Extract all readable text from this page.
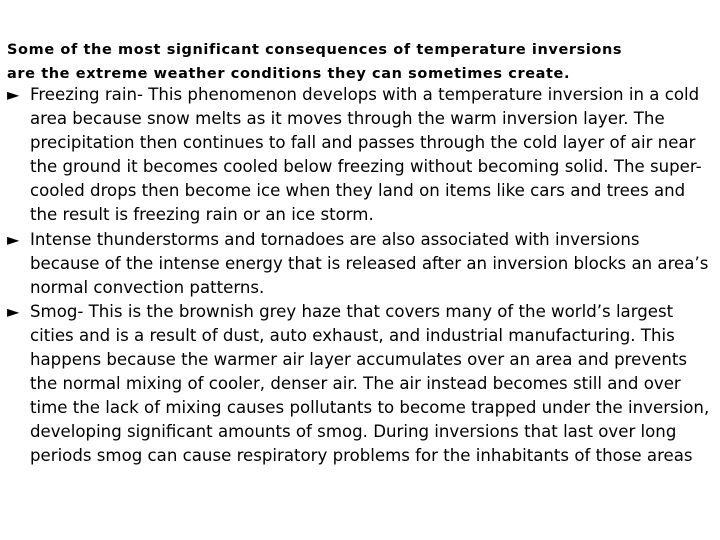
Some of the most significant consequences of temperature inversions
are the extreme weather conditions they can sometimes create.

► Freezing rain- This phenomenon develops with a temperature inversion in a cold area because snow melts as it moves through the warm inversion layer. The precipitation then continues to fall and passes through the cold layer of air near the ground it becomes cooled below freezing without becoming solid. The super- cooled drops then become ice when they land on items like cars and trees and the result is freezing rain or an ice storm.
► Intense thunderstorms and tornadoes are also associated with inversions because of the intense energy that is released after an inversion blocks an area’s normal convection patterns.
► Smog- This is the brownish grey haze that covers many of the world’s largest cities and is a result of dust, auto exhaust, and industrial manufacturing. This happens because the warmer air layer accumulates over an area and prevents the normal mixing of cooler, denser air. The air instead becomes still and over time the lack of mixing causes pollutants to become trapped under the inversion, developing significant amounts of smog. During inversions that last over long periods smog can cause respiratory problems for the inhabitants of those areas
